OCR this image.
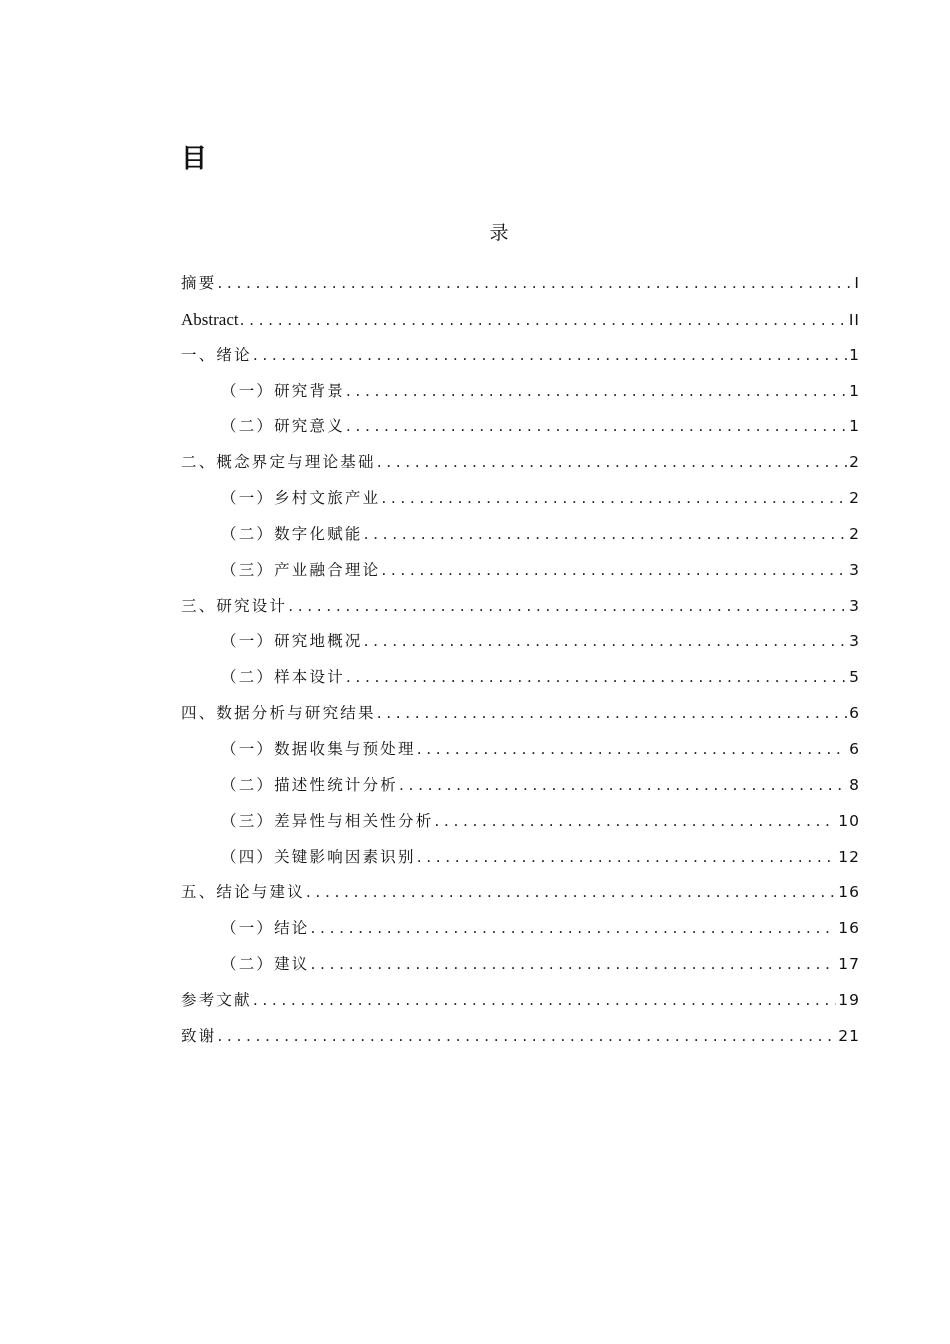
目
录
摘要 .....	I
Abstract .....	II
一、绪论 .....	1
（一）研究背景 .....	1
（二）研究意义 .....	1
二、概念界定与理论基础 .....	2
（一）乡村文旅产业 .....	2
（二）数字化赋能 .....	2
（三）产业融合理论 .....	3
三、研究设计 .....	3
（一）研究地概况 .....	3
（二）样本设计 .....	5
四、数据分析与研究结果 .....	6
（一）数据收集与预处理 .....	6
（二）描述性统计分析 .....	8
（三）差异性与相关性分析 .....	10
（四）关键影响因素识别 .....	12
五、结论与建议 .....	16
（一）结论 .....	16
（二）建议 .....	17
参考文献 .....	19
致谢 .....	21
